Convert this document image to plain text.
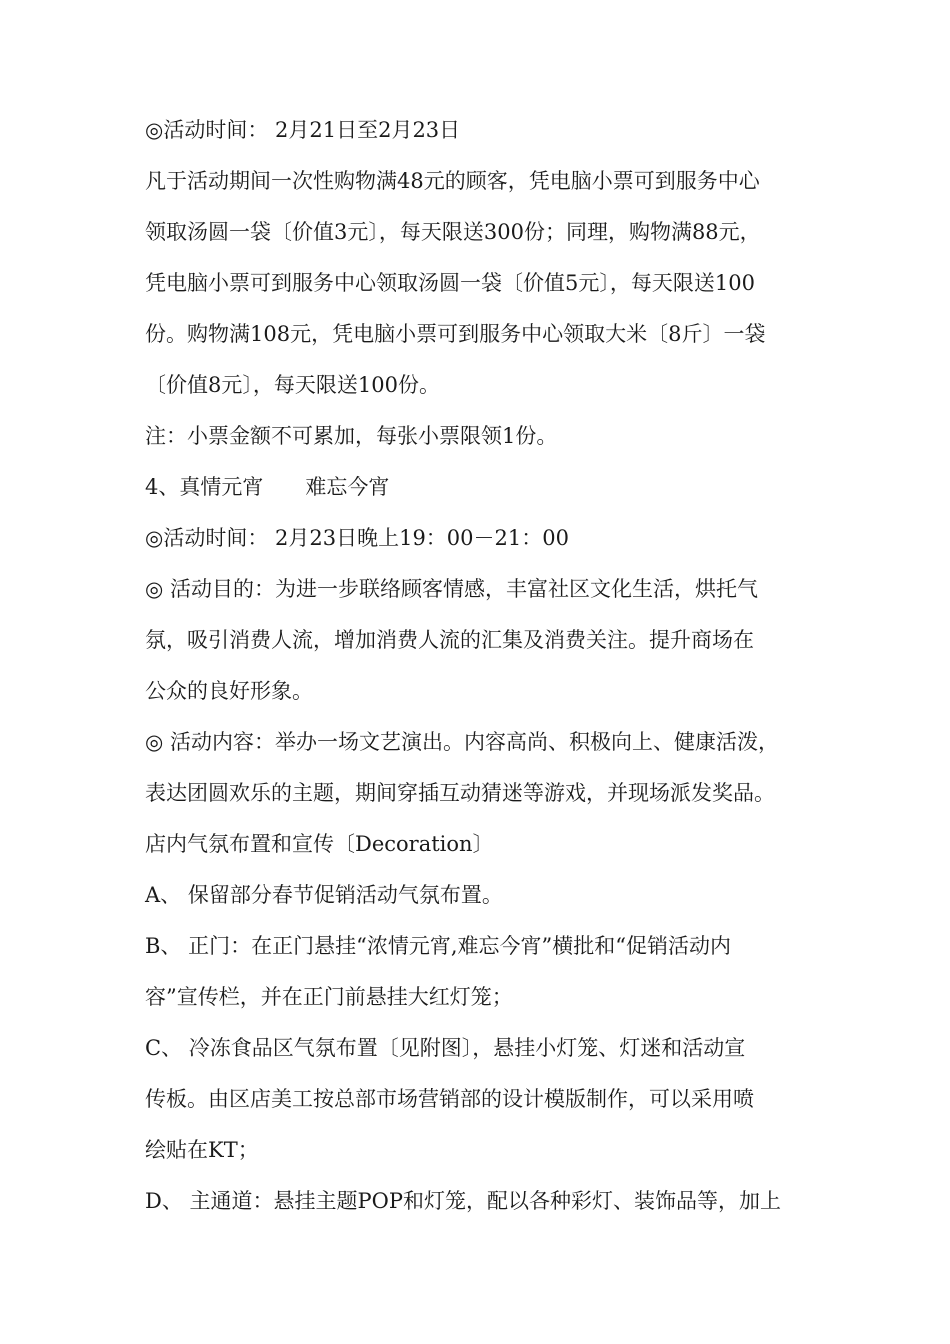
◎活动时间： 2月21日至2月23日
凡于活动期间一次性购物满48元的顾客，凭电脑小票可到服务中心
领取汤圆一袋〔价值3元〕，每天限送300份；同理，购物满88元，
凭电脑小票可到服务中心领取汤圆一袋〔价值5元〕，每天限送100
份。购物满108元，凭电脑小票可到服务中心领取大米〔8斤〕一袋
〔价值8元〕，每天限送100份。
注：小票金额不可累加，每张小票限领1份。
4、真情元宵　　难忘今宵
◎活动时间： 2月23日晚上19：00－21：00
◎ 活动目的：为进一步联络顾客情感，丰富社区文化生活，烘托气
氛，吸引消费人流，增加消费人流的汇集及消费关注。提升商场在
公众的良好形象。
◎ 活动内容：举办一场文艺演出。内容高尚、积极向上、健康活泼，
表达团圆欢乐的主题，期间穿插互动猜迷等游戏，并现场派发奖品。
店内气氛布置和宣传〔Decoration〕
A、 保留部分春节促销活动气氛布置。
B、 正门：在正门悬挂“浓情元宵,难忘今宵”横批和“促销活动内
容”宣传栏，并在正门前悬挂大红灯笼；
C、 冷冻食品区气氛布置〔见附图〕，悬挂小灯笼、灯迷和活动宣
传板。由区店美工按总部市场营销部的设计模版制作，可以采用喷
绘贴在KT；
D、 主通道：悬挂主题POP和灯笼，配以各种彩灯、装饰品等，加上
